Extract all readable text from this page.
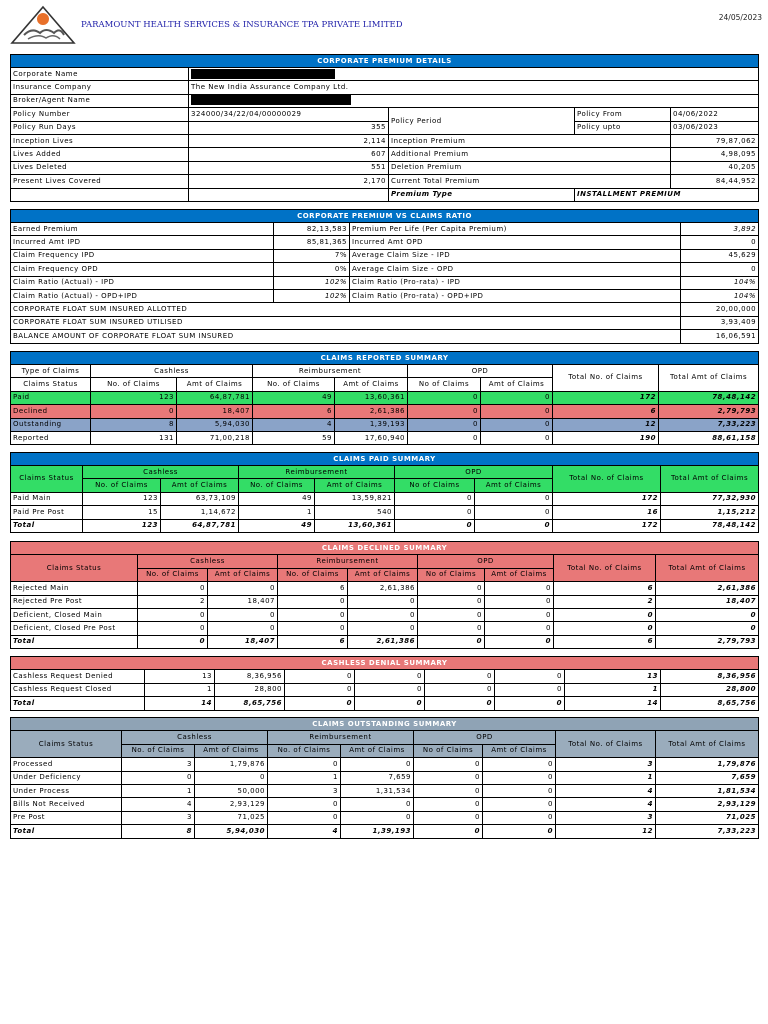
PARAMOUNT HEALTH SERVICES & INSURANCE TPA PRIVATE LIMITED
24/05/2023
CORPORATE PREMIUM DETAILS				
Corporate Name				
Insurance Company	The New India Assurance Company Ltd.			
Broker/Agent Name				
Policy Number	324000/34/22/04/00000029	Policy Period	Policy From	04/06/2022
Policy Run Days	355		Policy upto	03/06/2023
Inception Lives	2,114	Inception Premium		79,87,062
Lives Added	607	Additional Premium		4,98,095
Lives Deleted	551	Deletion Premium		40,205
Present Lives Covered	2,170	Current Total Premium		84,44,952
		Premium Type	INSTALLMENT PREMIUM	
CORPORATE PREMIUM VS CLAIMS RATIO			
Earned Premium	82,13,583	Premium Per Life (Per Capita Premium)	3,892
Incurred Amt IPD	85,81,365	Incurred Amt OPD	0
Claim Frequency IPD	7%	Average Claim Size - IPD	45,629
Claim Frequency OPD	0%	Average Claim Size - OPD	0
Claim Ratio (Actual) - IPD	102%	Claim Ratio (Pro-rata) - IPD	104%
Claim Ratio (Actual) - OPD+IPD	102%	Claim Ratio (Pro-rata) - OPD+IPD	104%
CORPORATE FLOAT SUM INSURED ALLOTTED			20,00,000
CORPORATE FLOAT SUM INSURED UTILISED			3,93,409
BALANCE AMOUNT OF CORPORATE FLOAT SUM INSURED			16,06,591
CLAIMS REPORTED SUMMARY								
Type of Claims	Cashless		Reimbursement		OPD		Total No. of Claims	Total Amt of Claims
Claims Status	No. of Claims	Amt of Claims	No. of Claims	Amt of Claims	No of Claims	Amt of Claims		
Paid	123	64,87,781	49	13,60,361	0	0	172	78,48,142
Declined	0	18,407	6	2,61,386	0	0	6	2,79,793
Outstanding	8	5,94,030	4	1,39,193	0	0	12	7,33,223
Reported	131	71,00,218	59	17,60,940	0	0	190	88,61,158
CLAIMS PAID SUMMARY								
Claims Status	Cashless		Reimbursement		OPD		Total No. of Claims	Total Amt of Claims
	No. of Claims	Amt of Claims	No. of Claims	Amt of Claims	No of Claims	Amt of Claims		
Paid Main	123	63,73,109	49	13,59,821	0	0	172	77,32,930
Paid Pre Post	15	1,14,672	1	540	0	0	16	1,15,212
Total	123	64,87,781	49	13,60,361	0	0	172	78,48,142
CLAIMS DECLINED SUMMARY								
Claims Status	Cashless		Reimbursement		OPD		Total No. of Claims	Total Amt of Claims
	No. of Claims	Amt of Claims	No. of Claims	Amt of Claims	No of Claims	Amt of Claims		
Rejected Main	0	0	6	2,61,386	0	0	6	2,61,386
Rejected Pre Post	2	18,407	0	0	0	0	2	18,407
Deficient, Closed Main	0	0	0	0	0	0	0	0
Deficient, Closed Pre Post	0	0	0	0	0	0	0	0
Total	0	18,407	6	2,61,386	0	0	6	2,79,793
CASHLESS DENIAL SUMMARY								
Cashless Request Denied	13	8,36,956	0	0	0	0	13	8,36,956
Cashless Request Closed	1	28,800	0	0	0	0	1	28,800
Total	14	8,65,756	0	0	0	0	14	8,65,756
CLAIMS OUTSTANDING SUMMARY								
Claims Status	Cashless		Reimbursement		OPD		Total No. of Claims	Total Amt of Claims
	No. of Claims	Amt of Claims	No. of Claims	Amt of Claims	No of Claims	Amt of Claims		
Processed	3	1,79,876	0	0	0	0	3	1,79,876
Under Deficiency	0	0	1	7,659	0	0	1	7,659
Under Process	1	50,000	3	1,31,534	0	0	4	1,81,534
Bills Not Received	4	2,93,129	0	0	0	0	4	2,93,129
Pre Post	3	71,025	0	0	0	0	3	71,025
Total	8	5,94,030	4	1,39,193	0	0	12	7,33,223
